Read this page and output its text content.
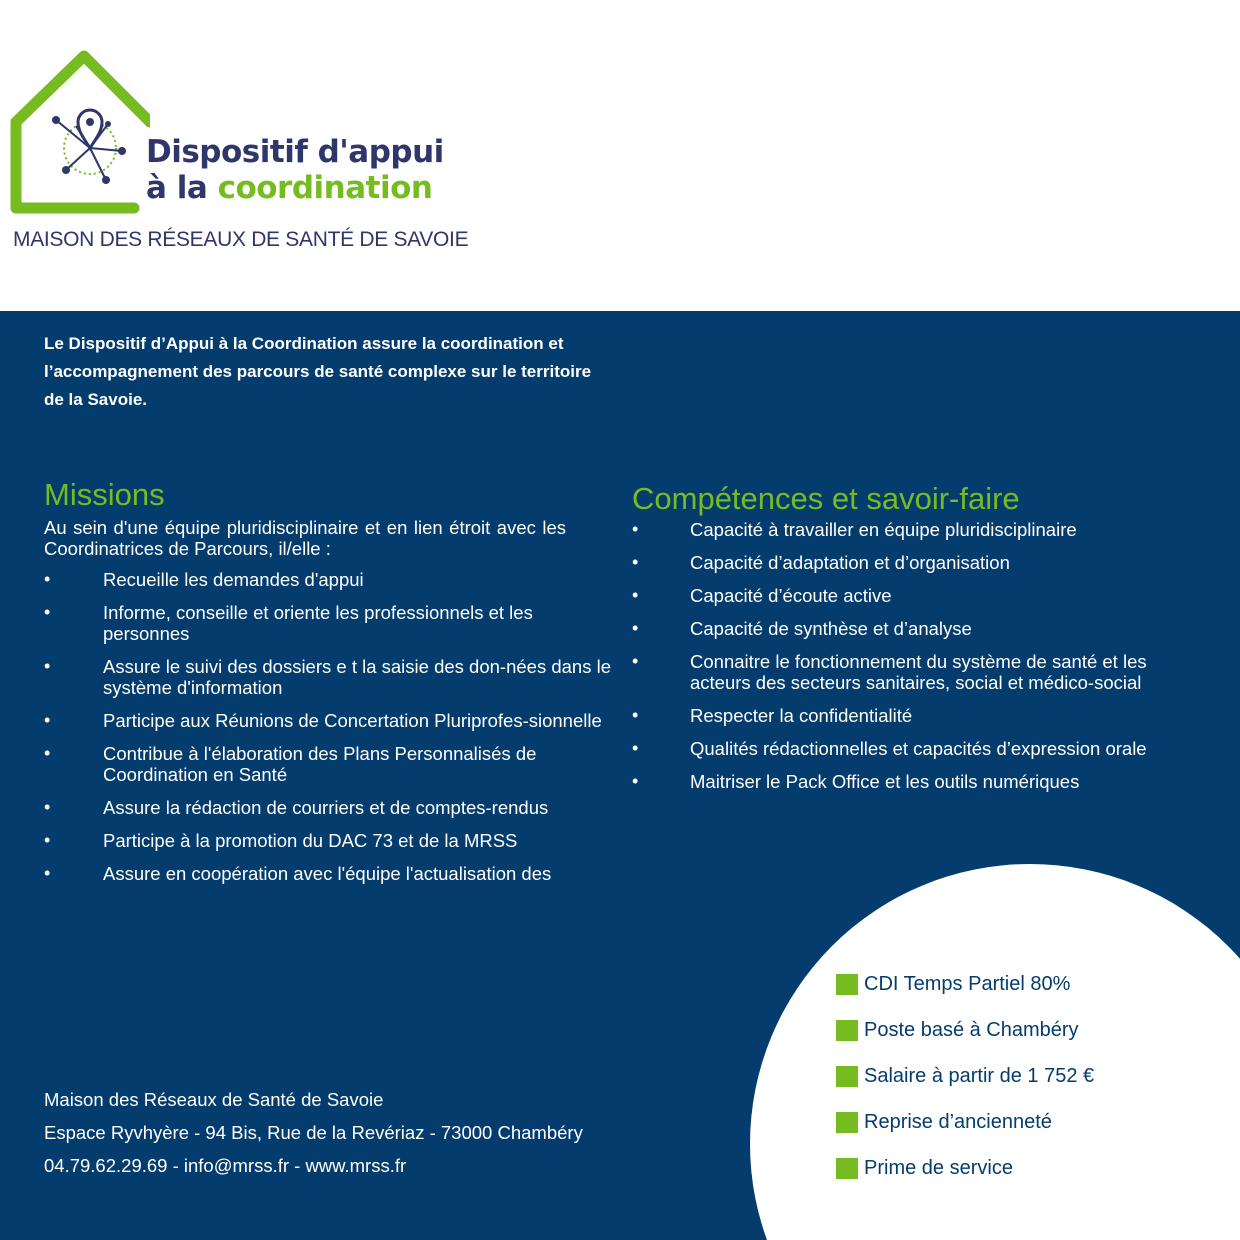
Dispositif d'appui
à la coordination
MAISON DES RÉSEAUX DE SANTÉ DE SAVOIE
Le Dispositif d’Appui à la Coordination assure la coordination et l’accompagnement des parcours de santé complexe sur le territoire de la Savoie.
Missions
Au sein d'une équipe pluridisciplinaire et en lien étroit avec les Coordinatrices de Parcours, il/elle :
• Recueille les demandes d'appui
• Informe, conseille et oriente les professionnels et les personnes
• Assure le suivi des dossiers e t la saisie des don-nées dans le système d'information
• Participe aux Réunions de Concertation Pluriprofes-sionnelle
• Contribue à l'élaboration des Plans Personnalisés de Coordination en Santé
• Assure la rédaction de courriers et de comptes-rendus
• Participe à la promotion du DAC 73 et de la MRSS
• Assure en coopération avec l'équipe l'actualisation des
Compétences et savoir-faire
• Capacité à travailler en équipe pluridisciplinaire
• Capacité d’adaptation et d’organisation
• Capacité d’écoute active
• Capacité de synthèse et d’analyse
• Connaitre le fonctionnement du système de santé et les acteurs des secteurs sanitaires, social et médico-social
• Respecter la confidentialité
• Qualités rédactionnelles et capacités d’expression orale
• Maitriser le Pack Office et les outils numériques
CDI Temps Partiel 80%
Poste basé à Chambéry
Salaire à partir de 1 752 €
Reprise d’ancienneté
Prime de service
Maison des Réseaux de Santé de Savoie
Espace Ryvhyère - 94 Bis, Rue de la Revériaz - 73000 Chambéry
04.79.62.29.69 - info@mrss.fr - www.mrss.fr
